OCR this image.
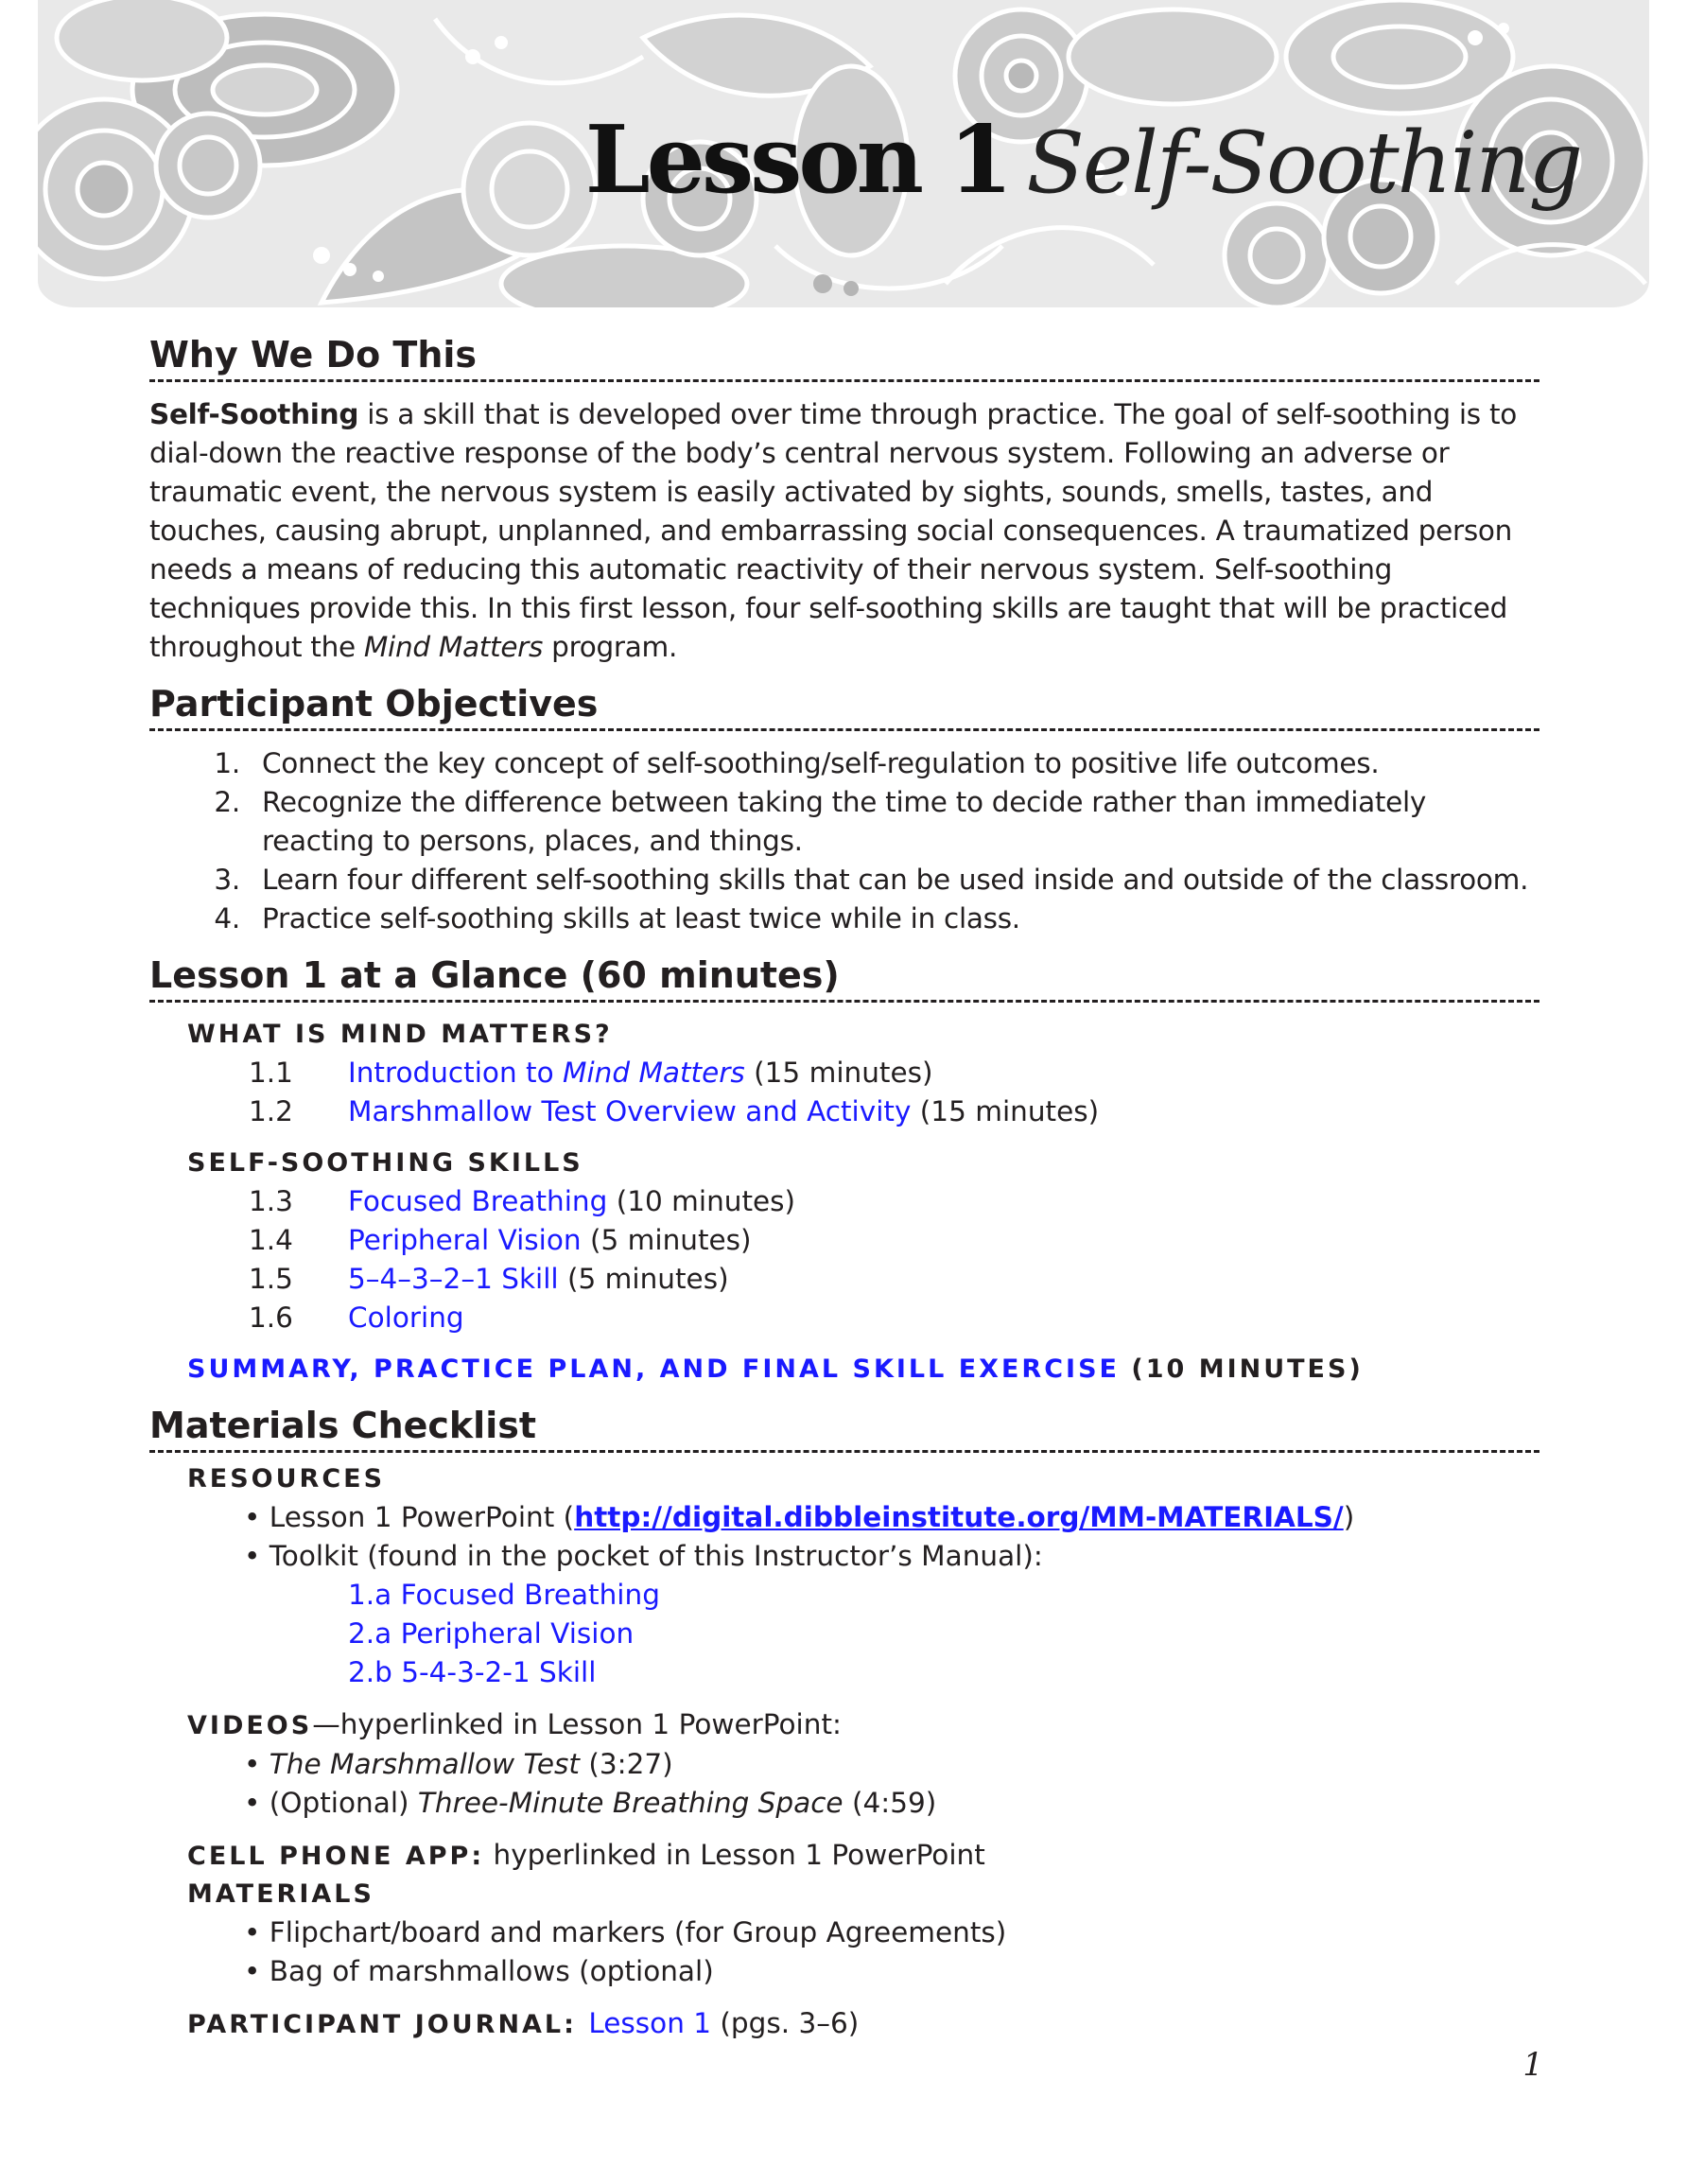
Lesson 1 Self-Soothing
Why We Do This

Self-Soothing is a skill that is developed over time through practice. The goal of self-soothing is to dial-down the reactive response of the body’s central nervous system. Following an adverse or traumatic event, the nervous system is easily activated by sights, sounds, smells, tastes, and touches, causing abrupt, unplanned, and embarrassing social consequences. A traumatized person needs a means of reducing this automatic reactivity of their nervous system. Self-soothing techniques provide this. In this first lesson, four self-soothing skills are taught that will be practiced throughout the Mind Matters program.

Participant Objectives
1. Connect the key concept of self-soothing/self-regulation to positive life outcomes.
2. Recognize the difference between taking the time to decide rather than immediately reacting to persons, places, and things.
3. Learn four different self-soothing skills that can be used inside and outside of the classroom.
4. Practice self-soothing skills at least twice while in class.
Lesson 1 at a Glance (60 minutes)
WHAT IS MIND MATTERS?
1.1	Introduction to Mind Matters (15 minutes)
1.2	Marshmallow Test Overview and Activity (15 minutes)
SELF-SOOTHING SKILLS
1.3	Focused Breathing (10 minutes)
1.4	Peripheral Vision (5 minutes)
1.5	5–4–3–2–1 Skill (5 minutes)
1.6	Coloring
SUMMARY, PRACTICE PLAN, AND FINAL SKILL EXERCISE (10 MINUTES)
Materials Checklist
RESOURCES
• Lesson 1 PowerPoint (http://digital.dibbleinstitute.org/MM-MATERIALS/)
• Toolkit (found in the pocket of this Instructor’s Manual):
1.a Focused Breathing
2.a Peripheral Vision
2.b 5-4-3-2-1 Skill
VIDEOS—hyperlinked in Lesson 1 PowerPoint:
• The Marshmallow Test (3:27)
• (Optional) Three-Minute Breathing Space (4:59)
CELL PHONE APP: hyperlinked in Lesson 1 PowerPoint
MATERIALS
• Flipchart/board and markers (for Group Agreements)
• Bag of marshmallows (optional)
PARTICIPANT JOURNAL: Lesson 1 (pgs. 3–6)
1
